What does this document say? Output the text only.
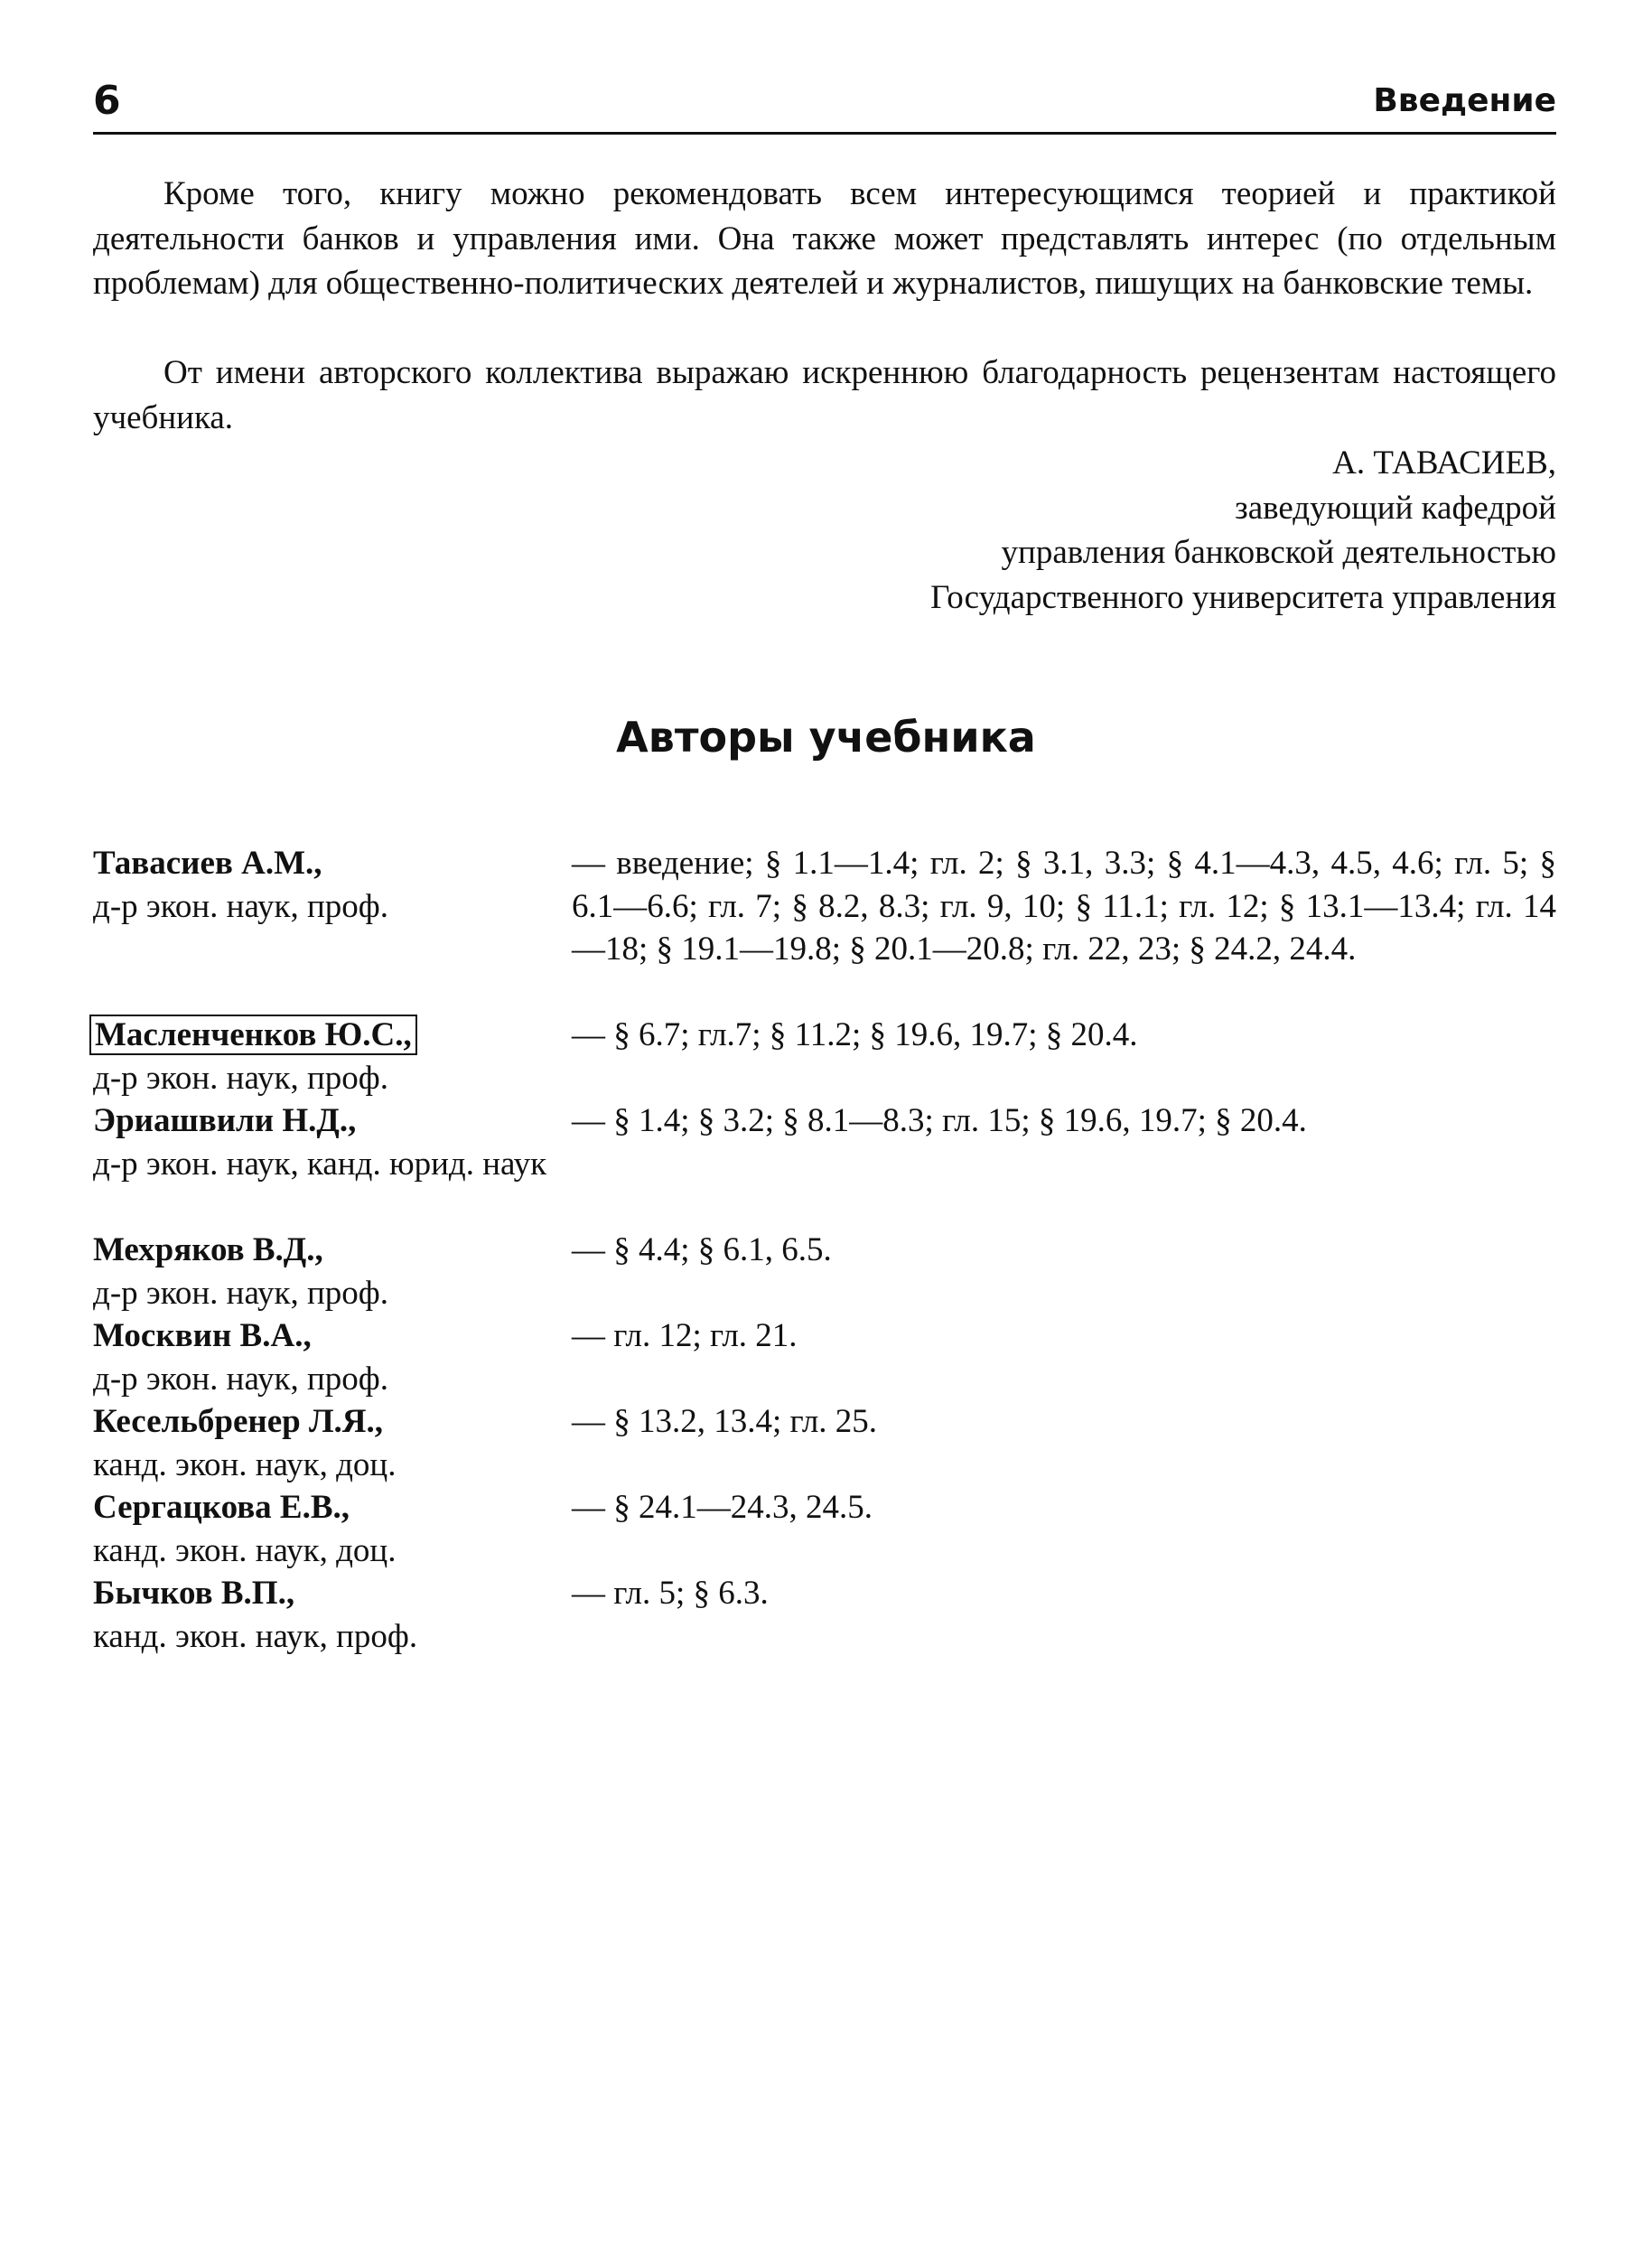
6	Введение

Кроме того, книгу можно рекомендовать всем интересующимся теорией и практикой деятельности банков и управления ими. Она также может представлять интерес (по отдельным проблемам) для общественно-политических деятелей и журналистов, пишущих на банковские темы.

От имени авторского коллектива выражаю искреннюю благодарность рецензентам настоящего учебника.

А. ТАВАСИЕВ,
заведующий кафедрой
управления банковской деятельностью
Государственного университета управления
Авторы учебника
Тавасиев А.М.,
д-р экон. наук, проф.
— введение; § 1.1—1.4; гл. 2; § 3.1, 3.3; § 4.1—4.3, 4.5, 4.6; гл. 5; § 6.1—6.6; гл. 7; § 8.2, 8.3; гл. 9, 10; § 11.1; гл. 12; § 13.1—13.4; гл. 14—18; § 19.1—19.8; § 20.1—20.8; гл. 22, 23; § 24.2, 24.4.
Масленченков Ю.С.,
д-р экон. наук, проф.
— § 6.7; гл.7; § 11.2; § 19.6, 19.7; § 20.4.
Эриашвили Н.Д.,
д-р экон. наук, канд. юрид. наук
— § 1.4; § 3.2; § 8.1—8.3; гл. 15; § 19.6, 19.7; § 20.4.
Мехряков В.Д.,
д-р экон. наук, проф.
— § 4.4; § 6.1, 6.5.
Москвин В.А.,
д-р экон. наук, проф.
— гл. 12; гл. 21.
Кесельбренер Л.Я.,
канд. экон. наук, доц.
— § 13.2, 13.4; гл. 25.
Сергацкова Е.В.,
канд. экон. наук, доц.
— § 24.1—24.3, 24.5.
Бычков В.П.,
канд. экон. наук, проф.
— гл. 5; § 6.3.
